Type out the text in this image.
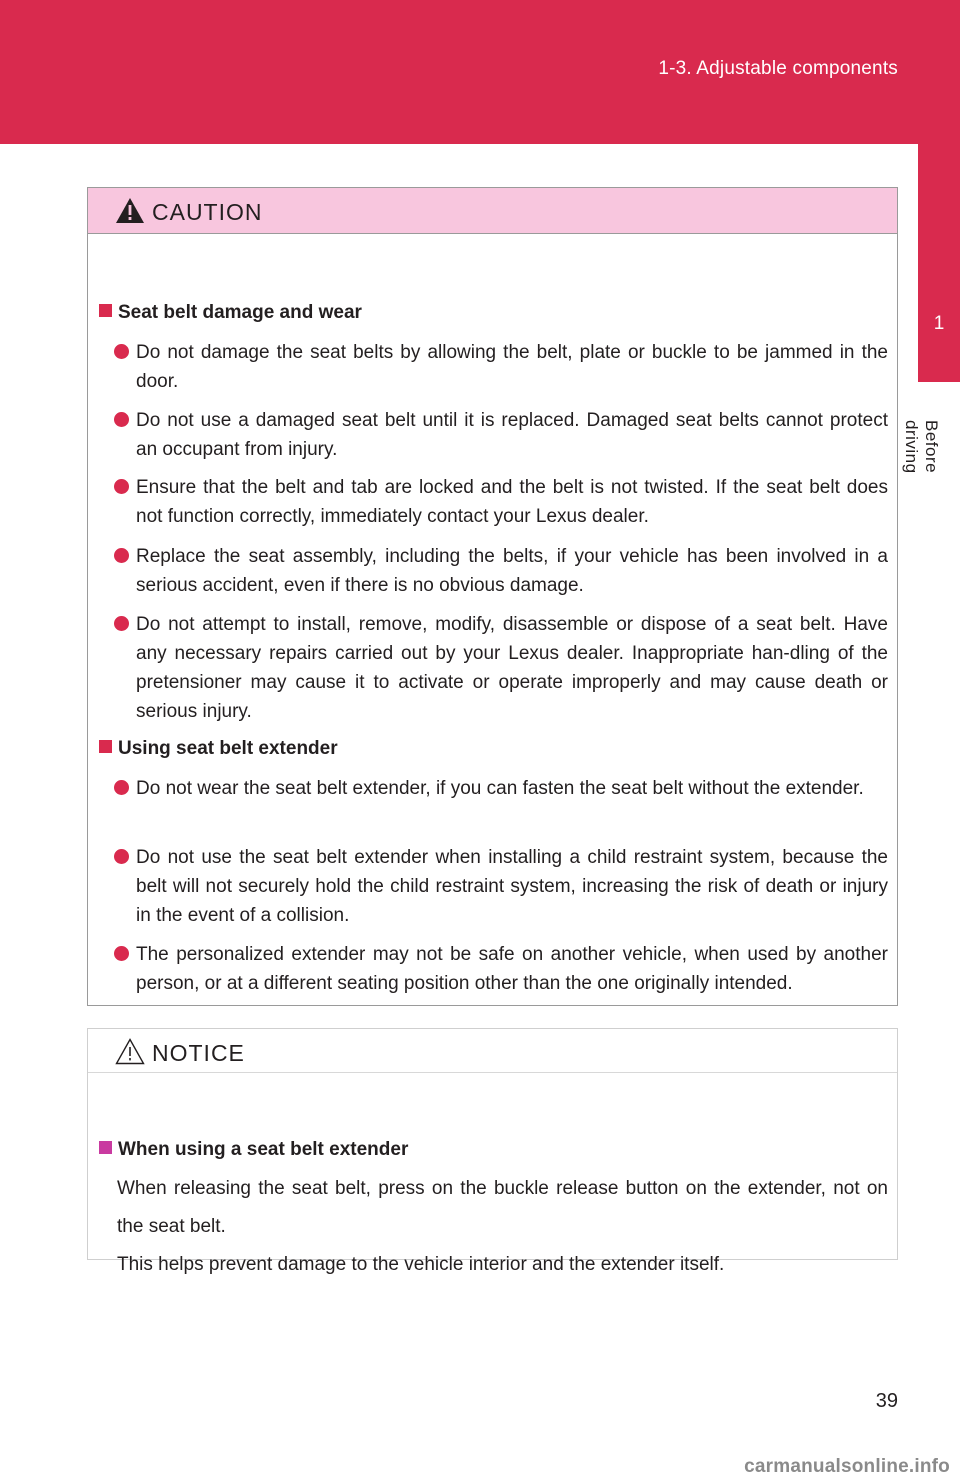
1-3. Adjustable components
1
Before driving
CAUTION
Seat belt damage and wear
Do not damage the seat belts by allowing the belt, plate or buckle to be jammed in the door.
Do not use a damaged seat belt until it is replaced. Damaged seat belts cannot protect an occupant from injury.
Ensure that the belt and tab are locked and the belt is not twisted. If the seat belt does not function correctly, immediately contact your Lexus dealer.
Replace the seat assembly, including the belts, if your vehicle has been involved in a serious accident, even if there is no obvious damage.
Do not attempt to install, remove, modify, disassemble or dispose of a seat belt. Have any necessary repairs carried out by your Lexus dealer. Inappropriate han-dling of the pretensioner may cause it to activate or operate improperly and may cause death or serious injury.
Using seat belt extender
Do not wear the seat belt extender, if you can fasten the seat belt without the extender.
Do not use the seat belt extender when installing a child restraint system, because the belt will not securely hold the child restraint system, increasing the risk of death or injury in the event of a collision.
The personalized extender may not be safe on another vehicle, when used by another person, or at a different seating position other than the one originally intended.
NOTICE
When using a seat belt extender
When releasing the seat belt, press on the buckle release button on the extender, not on the seat belt.
This helps prevent damage to the vehicle interior and the extender itself.
39
carmanualsonline.info
